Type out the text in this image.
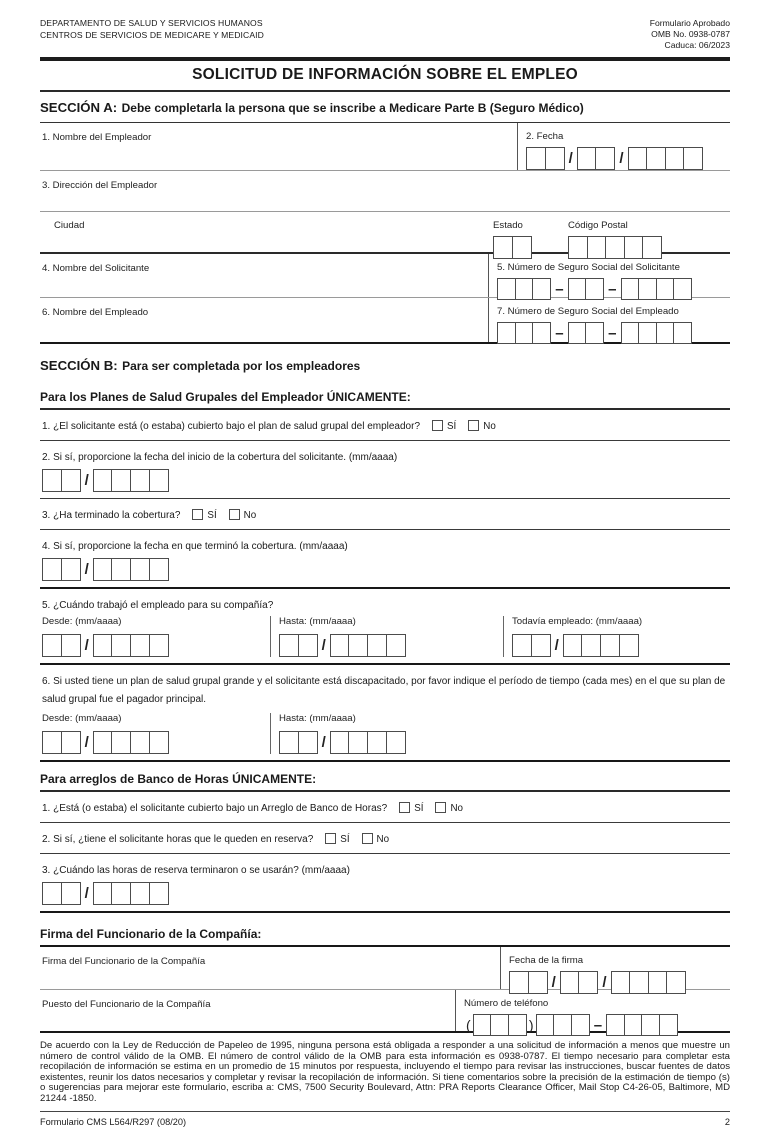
DEPARTAMENTO DE SALUD Y SERVICIOS HUMANOS
CENTROS DE SERVICIOS DE MEDICARE Y MEDICAID
Formulario Aprobado
OMB No. 0938-0787
Caduca: 06/2023
SOLICITUD DE INFORMACIÓN SOBRE EL EMPLEO
SECCIÓN A: Debe completarla la persona que se inscribe a Medicare Parte B (Seguro Médico)
1. Nombre del Empleador	2. Fecha
/	/
3. Dirección del Empleador
Ciudad	Estado	Código Postal
4. Nombre del Solicitante	5. Número de Seguro Social del Solicitante
–	–
6. Nombre del Empleado	7. Número de Seguro Social del Empleado
–	–
SECCIÓN B: Para ser completada por los empleadores
Para los Planes de Salud Grupales del Empleador ÚNICAMENTE:
1. ¿El solicitante está (o estaba) cubierto bajo el plan de salud grupal del empleador?	SÍ	No
2. Si sí, proporcione la fecha del inicio de la cobertura del solicitante. (mm/aaaa)
/
3. ¿Ha terminado la cobertura?	SÍ	No
4. Si sí, proporcione la fecha en que terminó la cobertura. (mm/aaaa)
/
5. ¿Cuándo trabajó el empleado para su compañía?
Desde: (mm/aaaa)
/
Hasta: (mm/aaaa)
/
Todavía empleado: (mm/aaaa)
/
6. Si usted tiene un plan de salud grupal grande y el solicitante está discapacitado, por favor indique el período de tiempo (cada mes) en el que su plan de salud grupal fue el pagador principal.
Desde: (mm/aaaa)
/
Hasta: (mm/aaaa)
/
Para arreglos de Banco de Horas ÚNICAMENTE:
1. ¿Está (o estaba) el solicitante cubierto bajo un Arreglo de Banco de Horas?	SÍ	No
2. Si sí, ¿tiene el solicitante horas que le queden en reserva?	SÍ	No
3. ¿Cuándo las horas de reserva terminaron o se usarán? (mm/aaaa)
/
Firma del Funcionario de la Compañía:
Firma del Funcionario de la Compañía	Fecha de la firma
/	/
Puesto del Funcionario de la Compañía	Número de teléfono
(	)	–
De acuerdo con la Ley de Reducción de Papeleo de 1995, ninguna persona está obligada a responder a una solicitud de información a menos que muestre un número de control válido de la OMB. El número de control válido de la OMB para esta información es 0938-0787. El tiempo necesario para completar esta recopilación de información se estima en un promedio de 15 minutos por respuesta, incluyendo el tiempo para revisar las instrucciones, buscar fuentes de datos existentes, reunir los datos necesarios y completar y revisar la recopilación de información. Si tiene comentarios sobre la precisión de la estimación de tiempo (s) o sugerencias para mejorar este formulario, escriba a: CMS, 7500 Security Boulevard, Attn: PRA Reports Clearance Officer, Mail Stop C4-26-05, Baltimore, MD 21244 -1850.
Formulario CMS L564/R297 (08/20)	2
